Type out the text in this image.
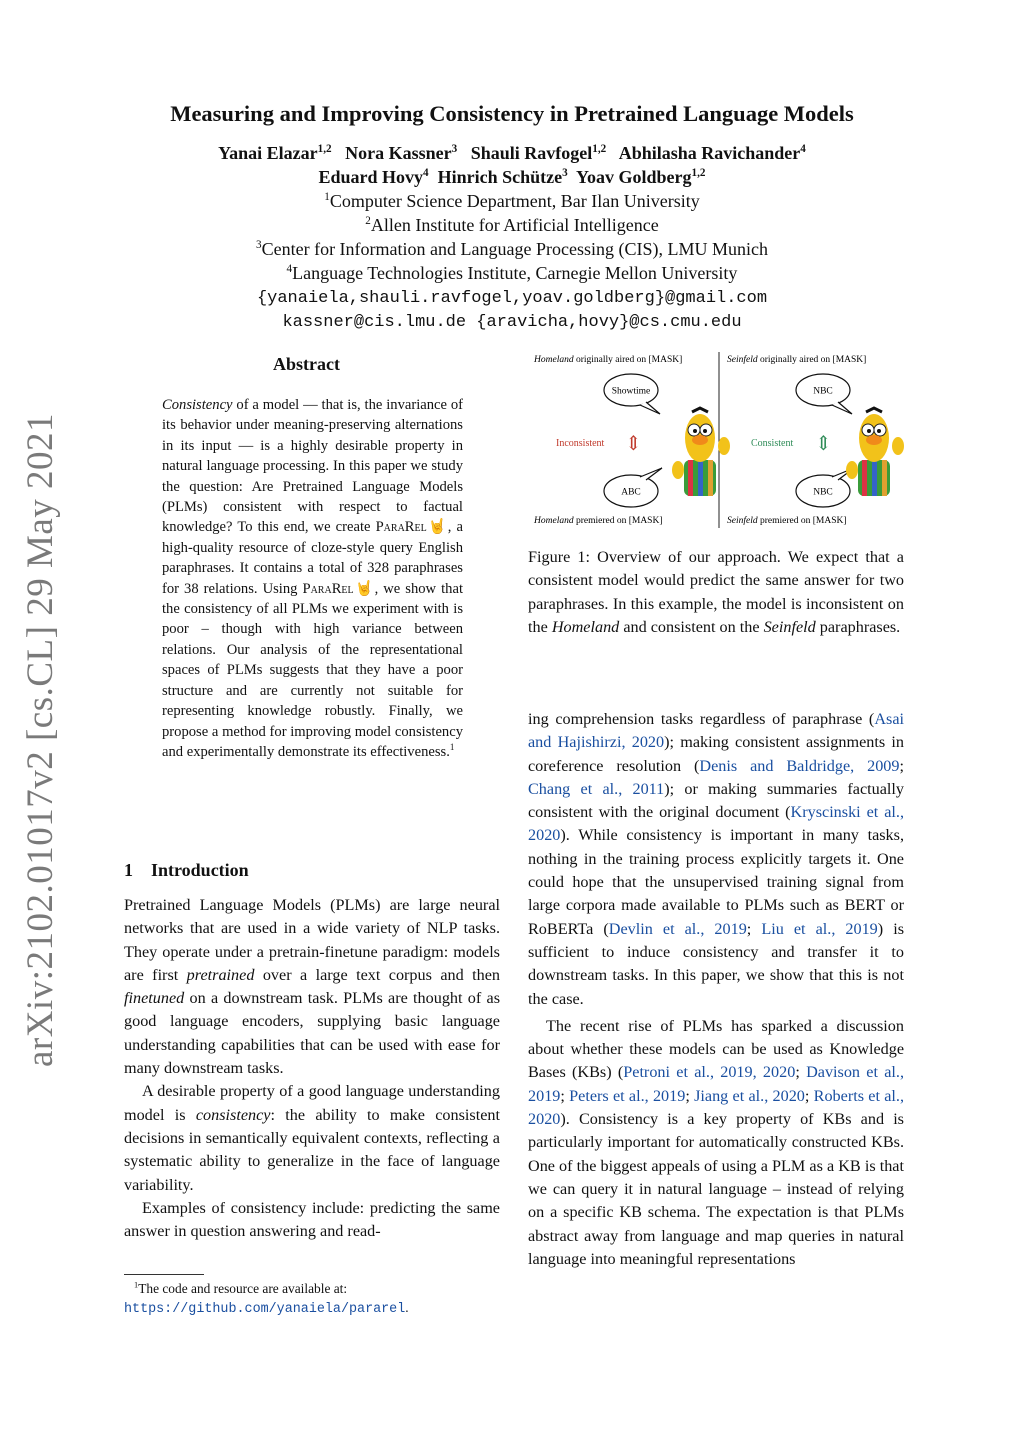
arXiv:2102.01017v2 [cs.CL] 29 May 2021
Measuring and Improving Consistency in Pretrained Language Models
Yanai Elazar$^{1,2}$ Nora Kassner$^3$ Shauli Ravfogel$^{1,2}$ Abhilasha Ravichander$^4$
Eduard Hovy$^4$ Hinrich Schütze$^3$ Yoav Goldberg$^{1,2}$
$^1$Computer Science Department, Bar Ilan University
$^2$Allen Institute for Artificial Intelligence
$^3$Center for Information and Language Processing (CIS), LMU Munich
$^4$Language Technologies Institute, Carnegie Mellon University
{yanaiela,shauli.ravfogel,yoav.goldberg}@gmail.com
kassner@cis.lmu.de {aravicha,hovy}@cs.cmu.edu
Abstract
Consistency of a model — that is, the invariance of its behavior under meaning-preserving alternations in its input — is a highly desirable property in natural language processing. In this paper we study the question: Are Pretrained Language Models (PLMs) consistent with respect to factual knowledge? To this end, we create ParaRel🤘, a high-quality resource of cloze-style query English paraphrases. It contains a total of 328 paraphrases for 38 relations. Using ParaRel🤘, we show that the consistency of all PLMs we experiment with is poor – though with high variance between relations. Our analysis of the representational spaces of PLMs suggests that they have a poor structure and are currently not suitable for representing knowledge robustly. Finally, we propose a method for improving model consistency and experimentally demonstrate its effectiveness.$^1$
1 Introduction
Pretrained Language Models (PLMs) are large neural networks that are used in a wide variety of NLP tasks. They operate under a pretrain-finetune paradigm: models are first pretrained over a large text corpus and then finetuned on a downstream task. PLMs are thought of as good language encoders, supplying basic language understanding capabilities that can be used with ease for many downstream tasks.
A desirable property of a good language understanding model is consistency: the ability to make consistent decisions in semantically equivalent contexts, reflecting a systematic ability to generalize in the face of language variability.
Examples of consistency include: predicting the same answer in question answering and read-
$^1$The code and resource are available at: https://github.com/yanaiela/pararel.
Homeland originally aired on [MASK]	Seinfeld originally aired on [MASK]
Showtime
ABC
NBC
NBC
Inconsistent ⇕	Consistent ⇕
Homeland premiered on [MASK]	Seinfeld premiered on [MASK]
Figure 1: Overview of our approach. We expect that a consistent model would predict the same answer for two paraphrases. In this example, the model is inconsistent on the Homeland and consistent on the Seinfeld paraphrases.
ing comprehension tasks regardless of paraphrase (Asai and Hajishirzi, 2020); making consistent assignments in coreference resolution (Denis and Baldridge, 2009; Chang et al., 2011); or making summaries factually consistent with the original document (Kryscinski et al., 2020). While consistency is important in many tasks, nothing in the training process explicitly targets it. One could hope that the unsupervised training signal from large corpora made available to PLMs such as BERT or RoBERTa (Devlin et al., 2019; Liu et al., 2019) is sufficient to induce consistency and transfer it to downstream tasks. In this paper, we show that this is not the case.
The recent rise of PLMs has sparked a discussion about whether these models can be used as Knowledge Bases (KBs) (Petroni et al., 2019, 2020; Davison et al., 2019; Peters et al., 2019; Jiang et al., 2020; Roberts et al., 2020). Consistency is a key property of KBs and is particularly important for automatically constructed KBs. One of the biggest appeals of using a PLM as a KB is that we can query it in natural language – instead of relying on a specific KB schema. The expectation is that PLMs abstract away from language and map queries in natural language into meaningful representations
